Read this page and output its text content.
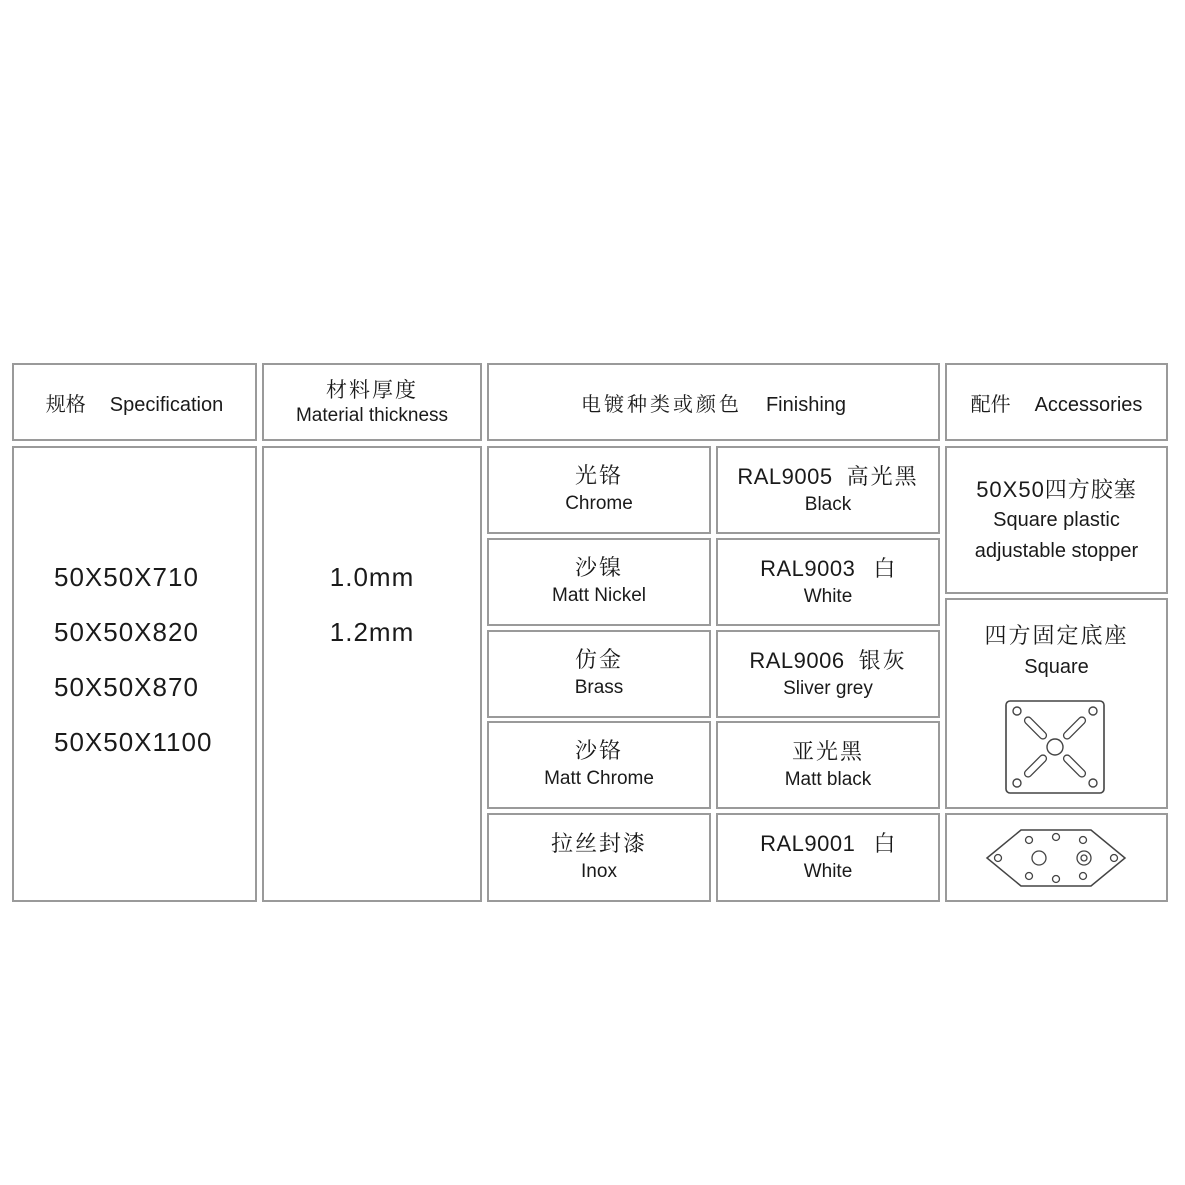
规格 Specification
材料厚度
Material thickness	电镀种类或颜色 Finishing	配件 Accessories
50X50X710
50X50X820
50X50X870
50X50X1100
1.0mm
1.2mm
光铬
Chrome
沙镍
Matt Nickel
仿金
Brass
沙铬
Matt Chrome
拉丝封漆
Inox
RAL9005 高光黑
Black
RAL9003 白
White
RAL9006 银灰
Sliver grey
亚光黑
Matt black
RAL9001 白
White
50X50四方胶塞
Square plastic
adjustable stopper
四方固定底座
Square
